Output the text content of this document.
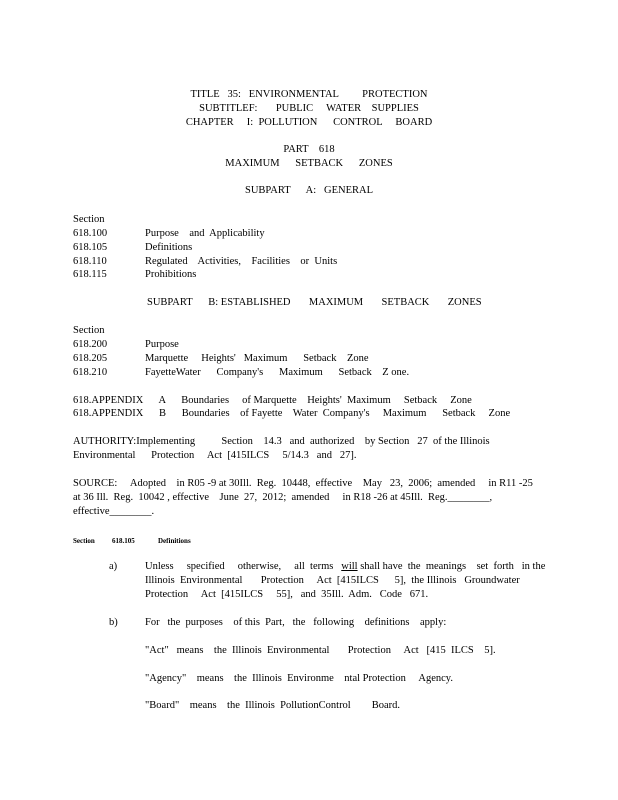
TITLE   35:   ENVIRONMENTAL         PROTECTION
SUBTITLEF:       PUBLIC     WATER    SUPPLIES
CHAPTER     I:  POLLUTION      CONTROL     BOARD
PART    618
MAXIMUM      SETBACK      ZONES
SUBPART      A:   GENERAL
Section
618.100	Purpose    and  Applicability
618.105	Definitions
618.110	Regulated    Activities,    Facilities    or  Units
618.115	Prohibitions
SUBPART      B: ESTABLISHED       MAXIMUM       SETBACK       ZONES
Section
618.200	Purpose
618.205	Marquette     Heights'   Maximum      Setback    Zone
618.210	FayetteWater      Company's      Maximum      Setback    Z one.
618.APPENDIX      A      Boundaries     of Marquette    Heights'  Maximum     Setback     Zone
618.APPENDIX      B      Boundaries    of Fayette    Water  Company's     Maximum      Setback     Zone
AUTHORITY:Implementing          Section    14.3   and  authorized    by Section   27  of the Illinois
Environmental      Protection     Act  [415ILCS     5/14.3   and   27].
SOURCE:     Adopted    in R05 -9 at 30Ill.  Reg.  10448,  effective    May   23,  2006;  amended     in R11 -25
at 36 Ill.  Reg.  10042 , effective    June  27,  2012;  amended     in R18 -26 at 45Ill.  Reg.________,
effective________.
Section 618.105	Definitions
a)	Unless     specified     otherwise,     all  terms   will shall have  the  meanings    set  forth   in the
Illinois  Environmental       Protection     Act  [415ILCS      5],  the Illinois   Groundwater
Protection     Act  [415ILCS     55],   and  35Ill.  Adm.   Code   671.
b)	For   the  purposes    of this  Part,   the   following    definitions    apply:
"Act"   means    the  Illinois  Environmental       Protection     Act   [415  ILCS    5].
"Agency"    means    the  Illinois  Environme    ntal Protection     Agency.
"Board"    means    the  Illinois  PollutionControl        Board.
